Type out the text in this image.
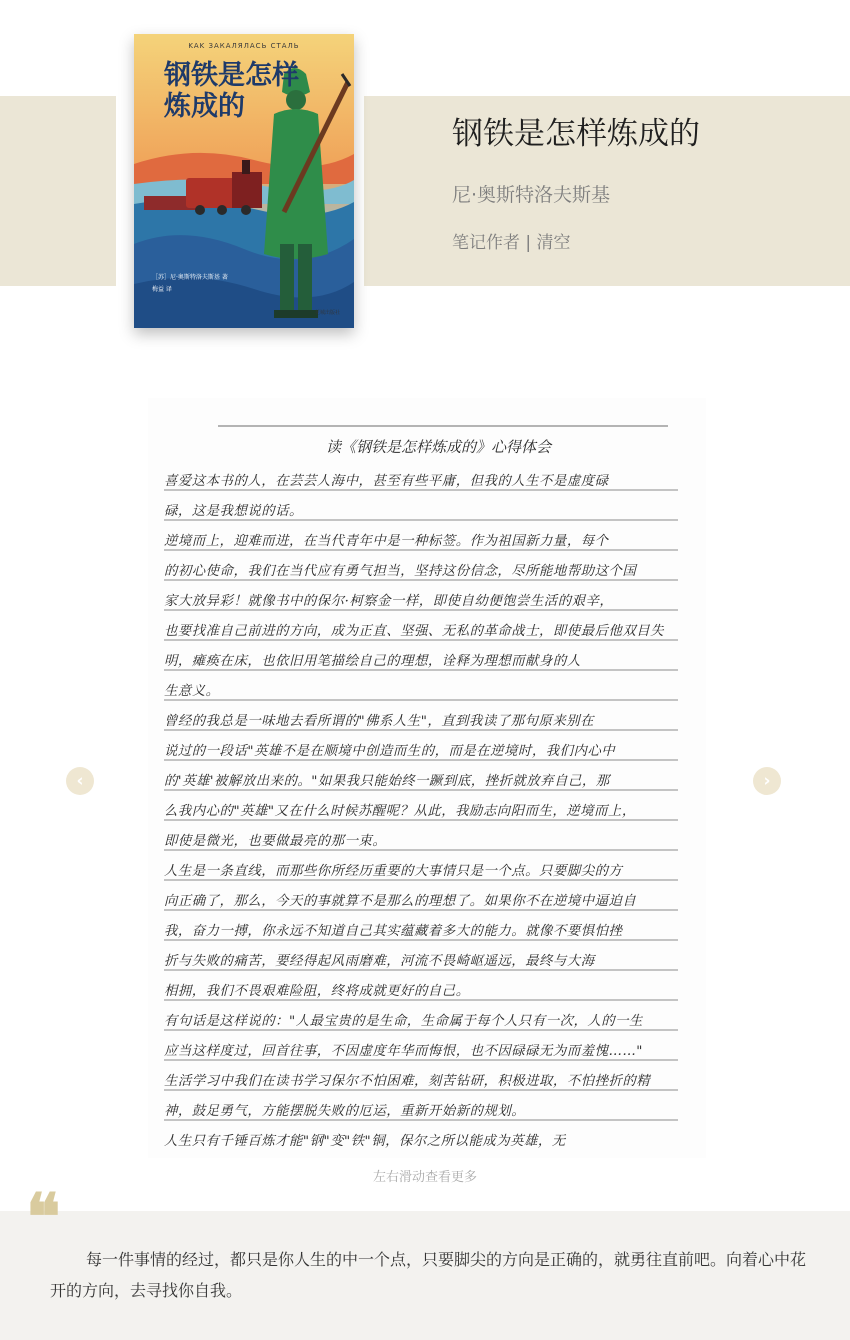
KAK ЗАКАЛЯЛАСЬ СТАЛЬ
钢铁是怎样
炼成的
［苏］尼·奥斯特洛夫斯基 著
梅益 译
花城出版社
钢铁是怎样炼成的
尼·奥斯特洛夫斯基
笔记作者 | 清空
读《钢铁是怎样炼成的》心得体会
喜爱这本书的人，在芸芸人海中，甚至有些平庸，但我的人生不是虚度碌
碌，这是我想说的话。
逆境而上，迎难而进，在当代青年中是一种标签。作为祖国新力量，每个
的初心使命，我们在当代应有勇气担当，坚持这份信念，尽所能地帮助这个国
家大放异彩！就像书中的保尔·柯察金一样，即使自幼便饱尝生活的艰辛，
也要找准自己前进的方向，成为正直、坚强、无私的革命战士，即使最后他双目失
明，瘫痪在床，也依旧用笔描绘自己的理想，诠释为理想而献身的人
生意义。
曾经的我总是一味地去看所谓的"佛系人生"，直到我读了那句原来别在
说过的一段话"英雄不是在顺境中创造而生的，而是在逆境时，我们内心中
的'英雄'被解放出来的。"如果我只能始终一蹶到底，挫折就放弃自己，那
么我内心的"英雄"又在什么时候苏醒呢？从此，我励志向阳而生，逆境而上，
即使是微光，也要做最亮的那一束。
人生是一条直线，而那些你所经历重要的大事情只是一个点。只要脚尖的方
向正确了，那么，今天的事就算不是那么的理想了。如果你不在逆境中逼迫自
我，奋力一搏，你永远不知道自己其实蕴藏着多大的能力。就像不要惧怕挫
折与失败的痛苦，要经得起风雨磨难，河流不畏崎岖遥远，最终与大海
相拥，我们不畏艰难险阻，终将成就更好的自己。
有句话是这样说的："人最宝贵的是生命，生命属于每个人只有一次，人的一生
应当这样度过，回首往事，不因虚度年华而悔恨，也不因碌碌无为而羞愧……"
生活学习中我们在读书学习保尔不怕困难，刻苦钻研，积极进取，不怕挫折的精
神，鼓足勇气，方能摆脱失败的厄运，重新开始新的规划。
人生只有千锤百炼才能"钢"变"铁"铜，保尔之所以能成为英雄，无
‹	›
左右滑动查看更多
❝
每一件事情的经过，都只是你人生的中一个点，只要脚尖的方向是正确的，就勇往直前吧。向着心中花开的方向，去寻找你自我。
